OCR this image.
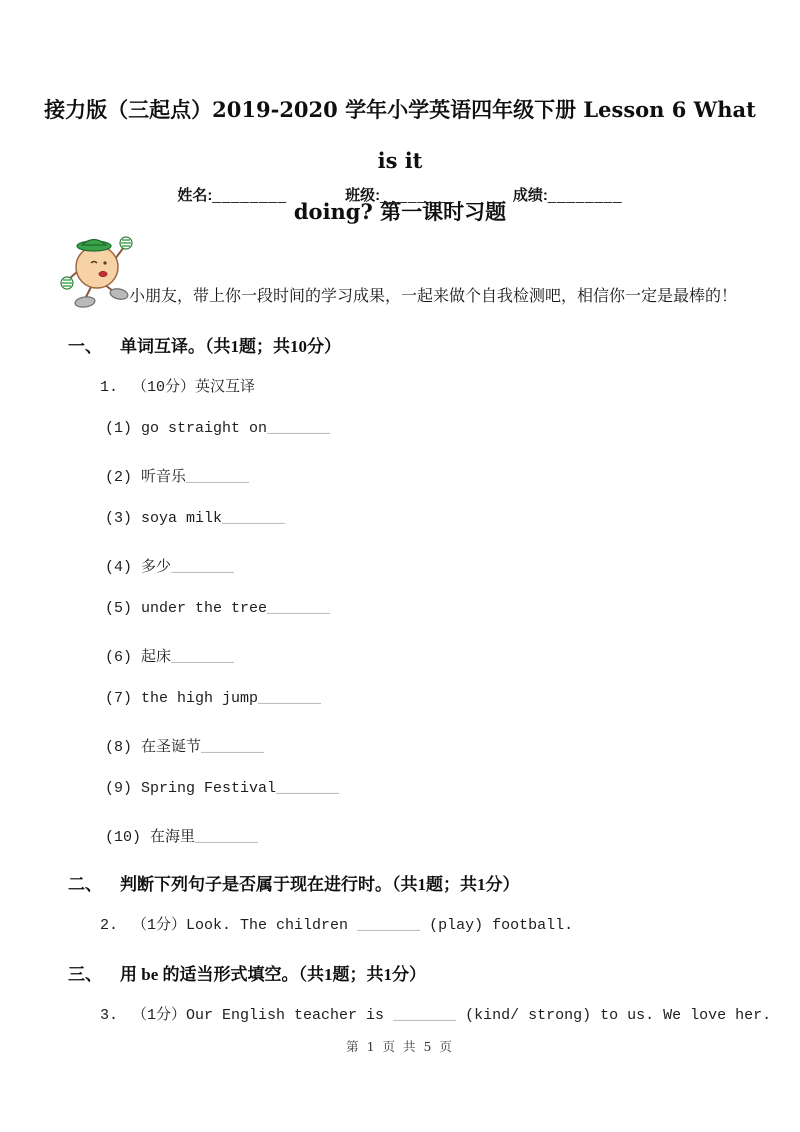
接力版（三起点）2019-2020 学年小学英语四年级下册 Lesson 6 What is it
doing? 第一课时习题
姓名:________	班级:________	成绩:________
小朋友，带上你一段时间的学习成果，一起来做个自我检测吧，相信你一定是最棒的！
一、 单词互译。（共1题；共10分）
1. （10分）英汉互译
(1) go straight on_______
(2) 听音乐_______
(3) soya milk_______
(4) 多少_______
(5) under the tree_______
(6) 起床_______
(7) the high jump_______
(8) 在圣诞节_______
(9) Spring Festival_______
(10) 在海里_______
二、 判断下列句子是否属于现在进行时。（共1题；共1分）
2. （1分）Look. The children _______ (play) football.
三、 用 be 的适当形式填空。（共1题；共1分）
3. （1分）Our English teacher is _______ (kind/ strong) to us. We love her.
第 1 页 共 5 页
